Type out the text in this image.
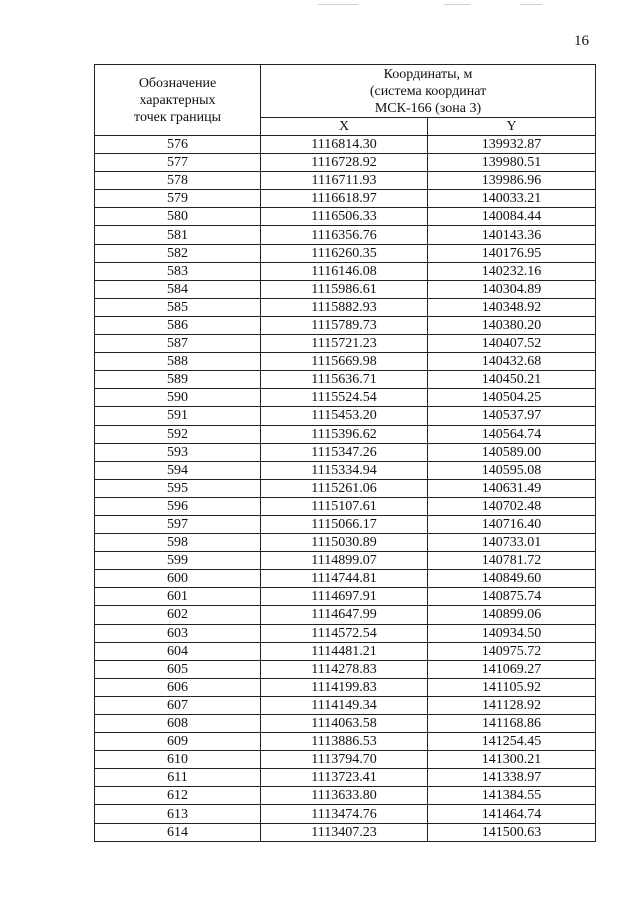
16
Обозначение
характерных
точек границы	Координаты, м
(система координат
МСК-166 (зона 3)	

	X	Y
576	1116814.30	139932.87
577	1116728.92	139980.51
578	1116711.93	139986.96
579	1116618.97	140033.21
580	1116506.33	140084.44
581	1116356.76	140143.36
582	1116260.35	140176.95
583	1116146.08	140232.16
584	1115986.61	140304.89
585	1115882.93	140348.92
586	1115789.73	140380.20
587	1115721.23	140407.52
588	1115669.98	140432.68
589	1115636.71	140450.21
590	1115524.54	140504.25
591	1115453.20	140537.97
592	1115396.62	140564.74
593	1115347.26	140589.00
594	1115334.94	140595.08
595	1115261.06	140631.49
596	1115107.61	140702.48
597	1115066.17	140716.40
598	1115030.89	140733.01
599	1114899.07	140781.72
600	1114744.81	140849.60
601	1114697.91	140875.74
602	1114647.99	140899.06
603	1114572.54	140934.50
604	1114481.21	140975.72
605	1114278.83	141069.27
606	1114199.83	141105.92
607	1114149.34	141128.92
608	1114063.58	141168.86
609	1113886.53	141254.45
610	1113794.70	141300.21
611	1113723.41	141338.97
612	1113633.80	141384.55
613	1113474.76	141464.74
614	1113407.23	141500.63
